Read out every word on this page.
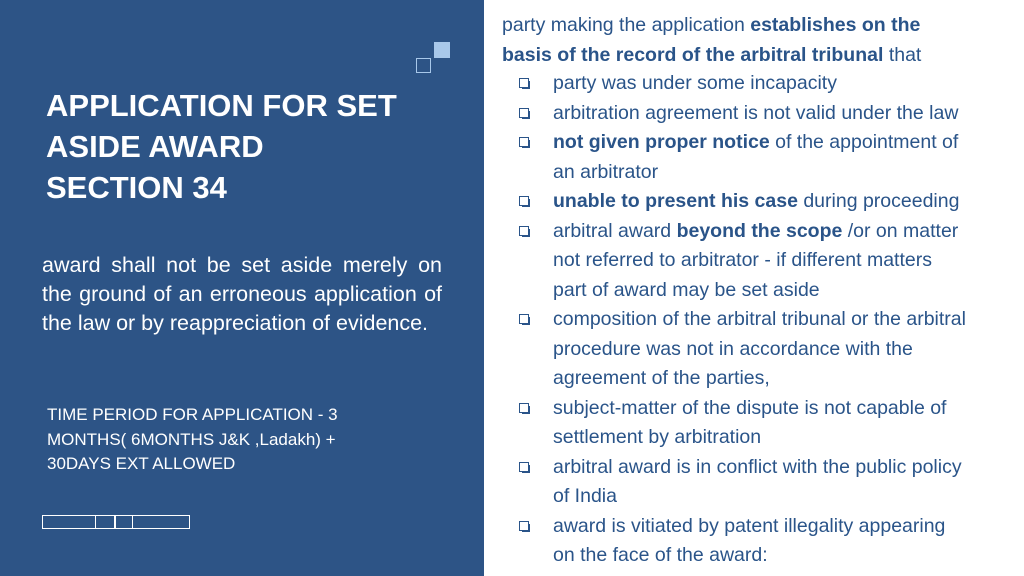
APPLICATION FOR SET
ASIDE AWARD
SECTION 34
award shall not be set aside merely on the ground of an erroneous application of the law or by reappreciation of evidence.
TIME PERIOD FOR APPLICATION - 3
MONTHS( 6MONTHS J&K ,Ladakh) +
30DAYS EXT ALLOWED
party making the application establishes on the
basis of the record of the arbitral tribunal that
party was under some incapacity
arbitration agreement is not valid under the law
not given proper notice of the appointment of
an arbitrator
unable to present his case during proceeding
arbitral award beyond the scope /or on matter
not referred to arbitrator - if different matters
part of award may be set aside
composition of the arbitral tribunal or the arbitral
procedure was not in accordance with the
agreement of the parties,
subject-matter of the dispute is not capable of
settlement by arbitration
arbitral award is in conflict with the public policy
of India
award is vitiated by patent illegality appearing
on the face of the award:
